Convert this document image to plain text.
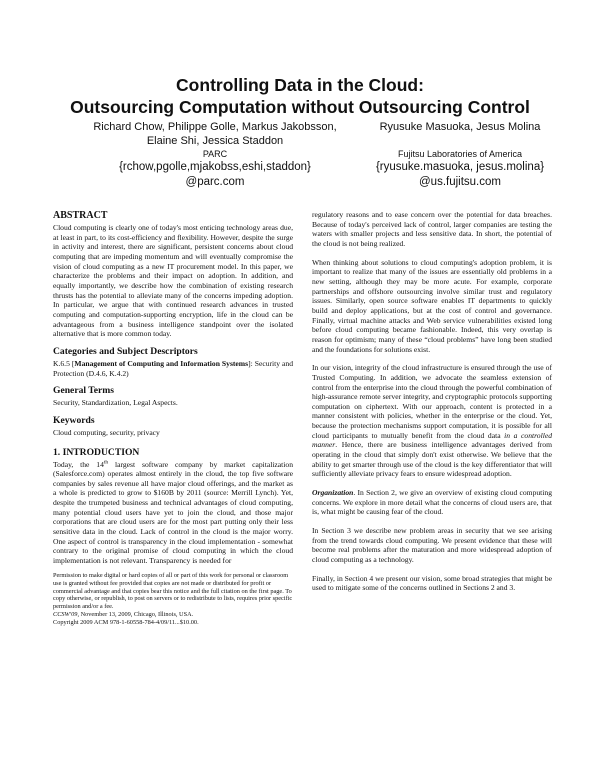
Controlling Data in the Cloud:
Outsourcing Computation without Outsourcing Control
Richard Chow, Philippe Golle, Markus Jakobsson,
Elaine Shi, Jessica Staddon
PARC
{rchow,pgolle,mjakobss,eshi,staddon}
@parc.com
Ryusuke Masuoka, Jesus Molina
Fujitsu Laboratories of America
{ryusuke.masuoka, jesus.molina}
@us.fujitsu.com
ABSTRACT

Cloud computing is clearly one of today's most enticing technology areas due, at least in part, to its cost-efficiency and flexibility. However, despite the surge in activity and interest, there are significant, persistent concerns about cloud computing that are impeding momentum and will eventually compromise the vision of cloud computing as a new IT procurement model. In this paper, we characterize the problems and their impact on adoption. In addition, and equally importantly, we describe how the combination of existing research thrusts has the potential to alleviate many of the concerns impeding adoption. In particular, we argue that with continued research advances in trusted computing and computation-supporting encryption, life in the cloud can be advantageous from a business intelligence standpoint over the isolated alternative that is more common today.

Categories and Subject Descriptors

K.6.5 [Management of Computing and Information Systems]: Security and Protection (D.4.6, K.4.2)

General Terms

Security, Standardization, Legal Aspects.

Keywords

Cloud computing, security, privacy

1. INTRODUCTION

Today, the 14th largest software company by market capitalization (Salesforce.com) operates almost entirely in the cloud, the top five software companies by sales revenue all have major cloud offerings, and the market as a whole is predicted to grow to $160B by 2011 (source: Merrill Lynch). Yet, despite the trumpeted business and technical advantages of cloud computing, many potential cloud users have yet to join the cloud, and those major corporations that are cloud users are for the most part putting only their less sensitive data in the cloud. Lack of control in the cloud is the major worry. One aspect of control is transparency in the cloud implementation - somewhat contrary to the original promise of cloud computing in which the cloud implementation is not relevant. Transparency is needed for

Permission to make digital or hard copies of all or part of this work for personal or classroom use is granted without fee provided that copies are not made or distributed for profit or commercial advantage and that copies bear this notice and the full citation on the first page. To copy otherwise, or republish, to post on servers or to redistribute to lists, requires prior specific permission and/or a fee.
CCSW'09, November 13, 2009, Chicago, Illinois, USA.
Copyright 2009 ACM 978-1-60558-784-4/09/11...$10.00.

regulatory reasons and to ease concern over the potential for data breaches. Because of today's perceived lack of control, larger companies are testing the waters with smaller projects and less sensitive data. In short, the potential of the cloud is not being realized.

When thinking about solutions to cloud computing's adoption problem, it is important to realize that many of the issues are essentially old problems in a new setting, although they may be more acute. For example, corporate partnerships and offshore outsourcing involve similar trust and regulatory issues. Similarly, open source software enables IT departments to quickly build and deploy applications, but at the cost of control and governance. Finally, virtual machine attacks and Web service vulnerabilities existed long before cloud computing became fashionable. Indeed, this very overlap is reason for optimism; many of these “cloud problems” have long been studied and the foundations for solutions exist.

In our vision, integrity of the cloud infrastructure is ensured through the use of Trusted Computing. In addition, we advocate the seamless extension of control from the enterprise into the cloud through the powerful combination of high-assurance remote server integrity, and cryptographic protocols supporting computation on ciphertext. With our approach, content is protected in a manner consistent with policies, whether in the enterprise or the cloud. Yet, because the protection mechanisms support computation, it is possible for all cloud participants to mutually benefit from the cloud data in a controlled manner. Hence, there are business intelligence advantages derived from operating in the cloud that simply don't exist otherwise. We believe that the ability to get smarter through use of the cloud is the key differentiator that will sufficiently alleviate privacy fears to ensure widespread adoption.

Organization. In Section 2, we give an overview of existing cloud computing concerns. We explore in more detail what the concerns of cloud users are, that is, what might be causing fear of the cloud.

In Section 3 we describe new problem areas in security that we see arising from the trend towards cloud computing. We present evidence that these will become real problems after the maturation and more widespread adoption of cloud computing as a technology.

Finally, in Section 4 we present our vision, some broad strategies that might be used to mitigate some of the concerns outlined in Sections 2 and 3.
